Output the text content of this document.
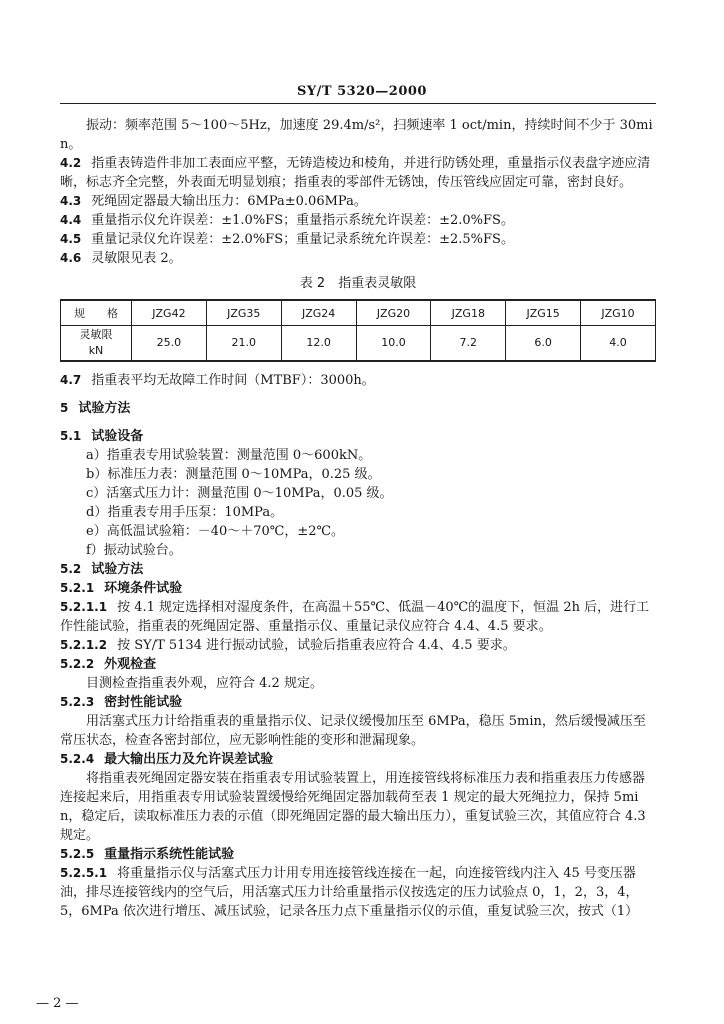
SY/T 5320—2000

振动：频率范围 5～100～5Hz，加速度 29.4m/s²，扫频速率 1 oct/min，持续时间不少于 30min。

4.2 指重表铸造件非加工表面应平整，无铸造棱边和棱角，并进行防锈处理，重量指示仪表盘字迹应清晰，标志齐全完整，外表面无明显划痕；指重表的零部件无锈蚀，传压管线应固定可靠，密封良好。

4.3 死绳固定器最大输出压力：6MPa±0.06MPa。

4.4 重量指示仪允许误差：±1.0%FS；重量指示系统允许误差：±2.0%FS。

4.5 重量记录仪允许误差：±2.0%FS；重量记录系统允许误差：±2.5%FS。

4.6 灵敏限见表 2。

表 2　指重表灵敏限
规　　格	JZG42	JZG35	JZG24	JZG20	JZG18	JZG15	JZG10
灵敏限
kN	25.0	21.0	12.0	10.0	7.2	6.0	4.0

4.7 指重表平均无故障工作时间（MTBF）：3000h。

5 试验方法

5.1 试验设备

a）指重表专用试验装置：测量范围 0～600kN。

b）标准压力表：测量范围 0～10MPa，0.25 级。

c）活塞式压力计：测量范围 0～10MPa，0.05 级。

d）指重表专用手压泵：10MPa。

e）高低温试验箱：－40～＋70℃，±2℃。

f）振动试验台。

5.2 试验方法

5.2.1 环境条件试验

5.2.1.1 按 4.1 规定选择相对湿度条件，在高温＋55℃、低温－40℃的温度下，恒温 2h 后，进行工作性能试验，指重表的死绳固定器、重量指示仪、重量记录仪应符合 4.4、4.5 要求。

5.2.1.2 按 SY/T 5134 进行振动试验，试验后指重表应符合 4.4、4.5 要求。

5.2.2 外观检查

目测检查指重表外观，应符合 4.2 规定。

5.2.3 密封性能试验

用活塞式压力计给指重表的重量指示仪、记录仪缓慢加压至 6MPa，稳压 5min，然后缓慢减压至常压状态，检查各密封部位，应无影响性能的变形和泄漏现象。

5.2.4 最大输出压力及允许误差试验

将指重表死绳固定器安装在指重表专用试验装置上，用连接管线将标准压力表和指重表压力传感器连接起来后，用指重表专用试验装置缓慢给死绳固定器加载荷至表 1 规定的最大死绳拉力，保持 5min，稳定后，读取标准压力表的示值（即死绳固定器的最大输出压力），重复试验三次，其值应符合 4.3 规定。

5.2.5 重量指示系统性能试验

5.2.5.1 将重量指示仪与活塞式压力计用专用连接管线连接在一起，向连接管线内注入 45 号变压器油，排尽连接管线内的空气后，用活塞式压力计给重量指示仪按选定的压力试验点 0，1，2，3，4，5，6MPa 依次进行增压、减压试验，记录各压力点下重量指示仪的示值，重复试验三次，按式（1）

— 2 —
